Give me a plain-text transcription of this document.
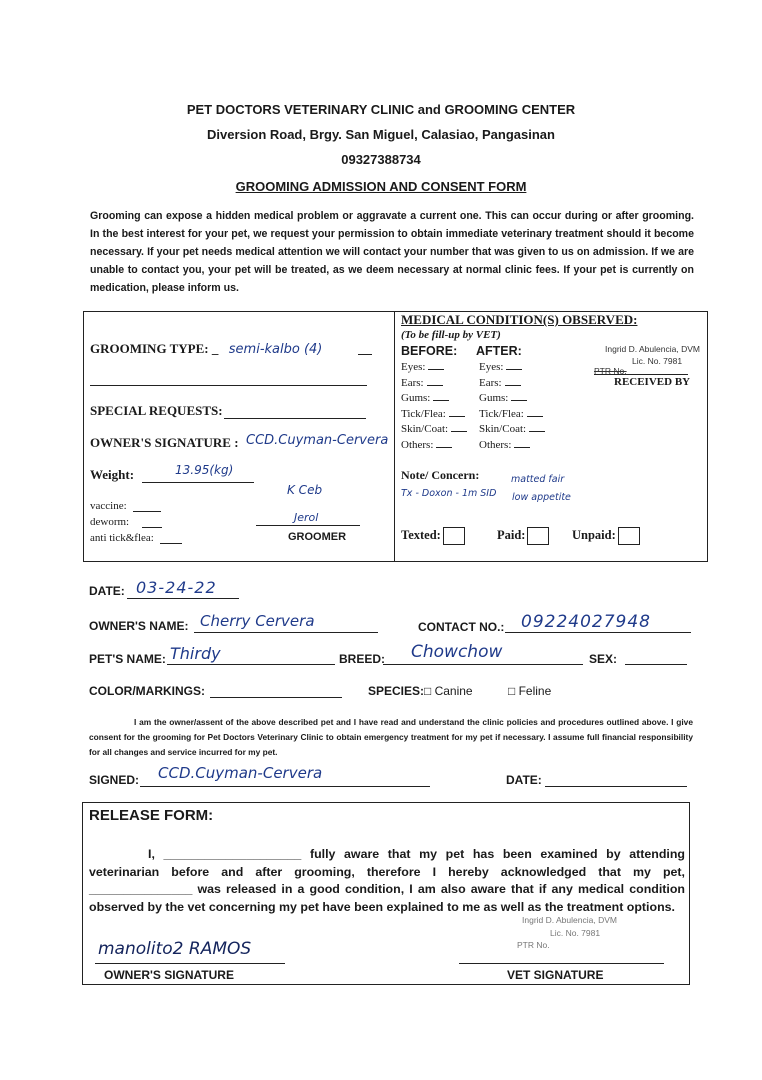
PET DOCTORS VETERINARY CLINIC and GROOMING CENTER
Diversion Road, Brgy. San Miguel, Calasiao, Pangasinan
09327388734
GROOMING ADMISSION AND CONSENT FORM
Grooming can expose a hidden medical problem or aggravate a current one. This can occur during or after grooming. In the best interest for your pet, we request your permission to obtain immediate veterinary treatment should it become necessary. If your pet needs medical attention we will contact your number that was given to us on admission. If we are unable to contact you, your pet will be treated, as we deem necessary at normal clinic fees. If your pet is currently on medication, please inform us.
GROOMING TYPE: _ semi-kalbo (4)
SPECIAL REQUESTS:
OWNER'S SIGNATURE : CCD.Cuyman-Cervera
Weight:	13.95(kg)
K Ceb
vaccine:
deworm:
anti tick&flea:
Jerol
GROOMER
MEDICAL CONDITION(S) OBSERVED:
(To be fill-up by VET)
BEFORE: AFTER:
Eyes:	Eyes:
Ears:	Ears:
Gums:	Gums:
Tick/Flea:	Tick/Flea:
Skin/Coat:	Skin/Coat:
Others:	Others:
Ingrid D. Abulencia, DVM
Lic. No. 7981
PTR No.
RECEIVED BY
Note/ Concern:
Tx - Doxon - 1m SID
matted fair
low appetite
Texted:	Paid:	Unpaid:
DATE: 03-24-22
OWNER'S NAME: Cherry Cervera	CONTACT NO.: 09224027948
PET'S NAME: Thirdy	BREED: Chowchow	SEX:
COLOR/MARKINGS:	SPECIES: □ Canine	□ Feline
I am the owner/assent of the above described pet and I have read and understand the clinic policies and procedures outlined above. I give consent for the grooming for Pet Doctors Veterinary Clinic to obtain emergency treatment for my pet if necessary. I assume full financial responsibility for all changes and service incurred for my pet.
SIGNED: CCD.Cuyman-Cervera	DATE:
RELEASE FORM:
I, ____________________ fully aware that my pet has been examined by attending veterinarian before and after grooming, therefore I hereby acknowledged that my pet, _______________ was released in a good condition, I am also aware that if any medical condition observed by the vet concerning my pet have been explained to me as well as the treatment options.
manolito2 RAMOS
OWNER'S SIGNATURE
Ingrid D. Abulencia, DVM
Lic. No. 7981
PTR No.
VET SIGNATURE
